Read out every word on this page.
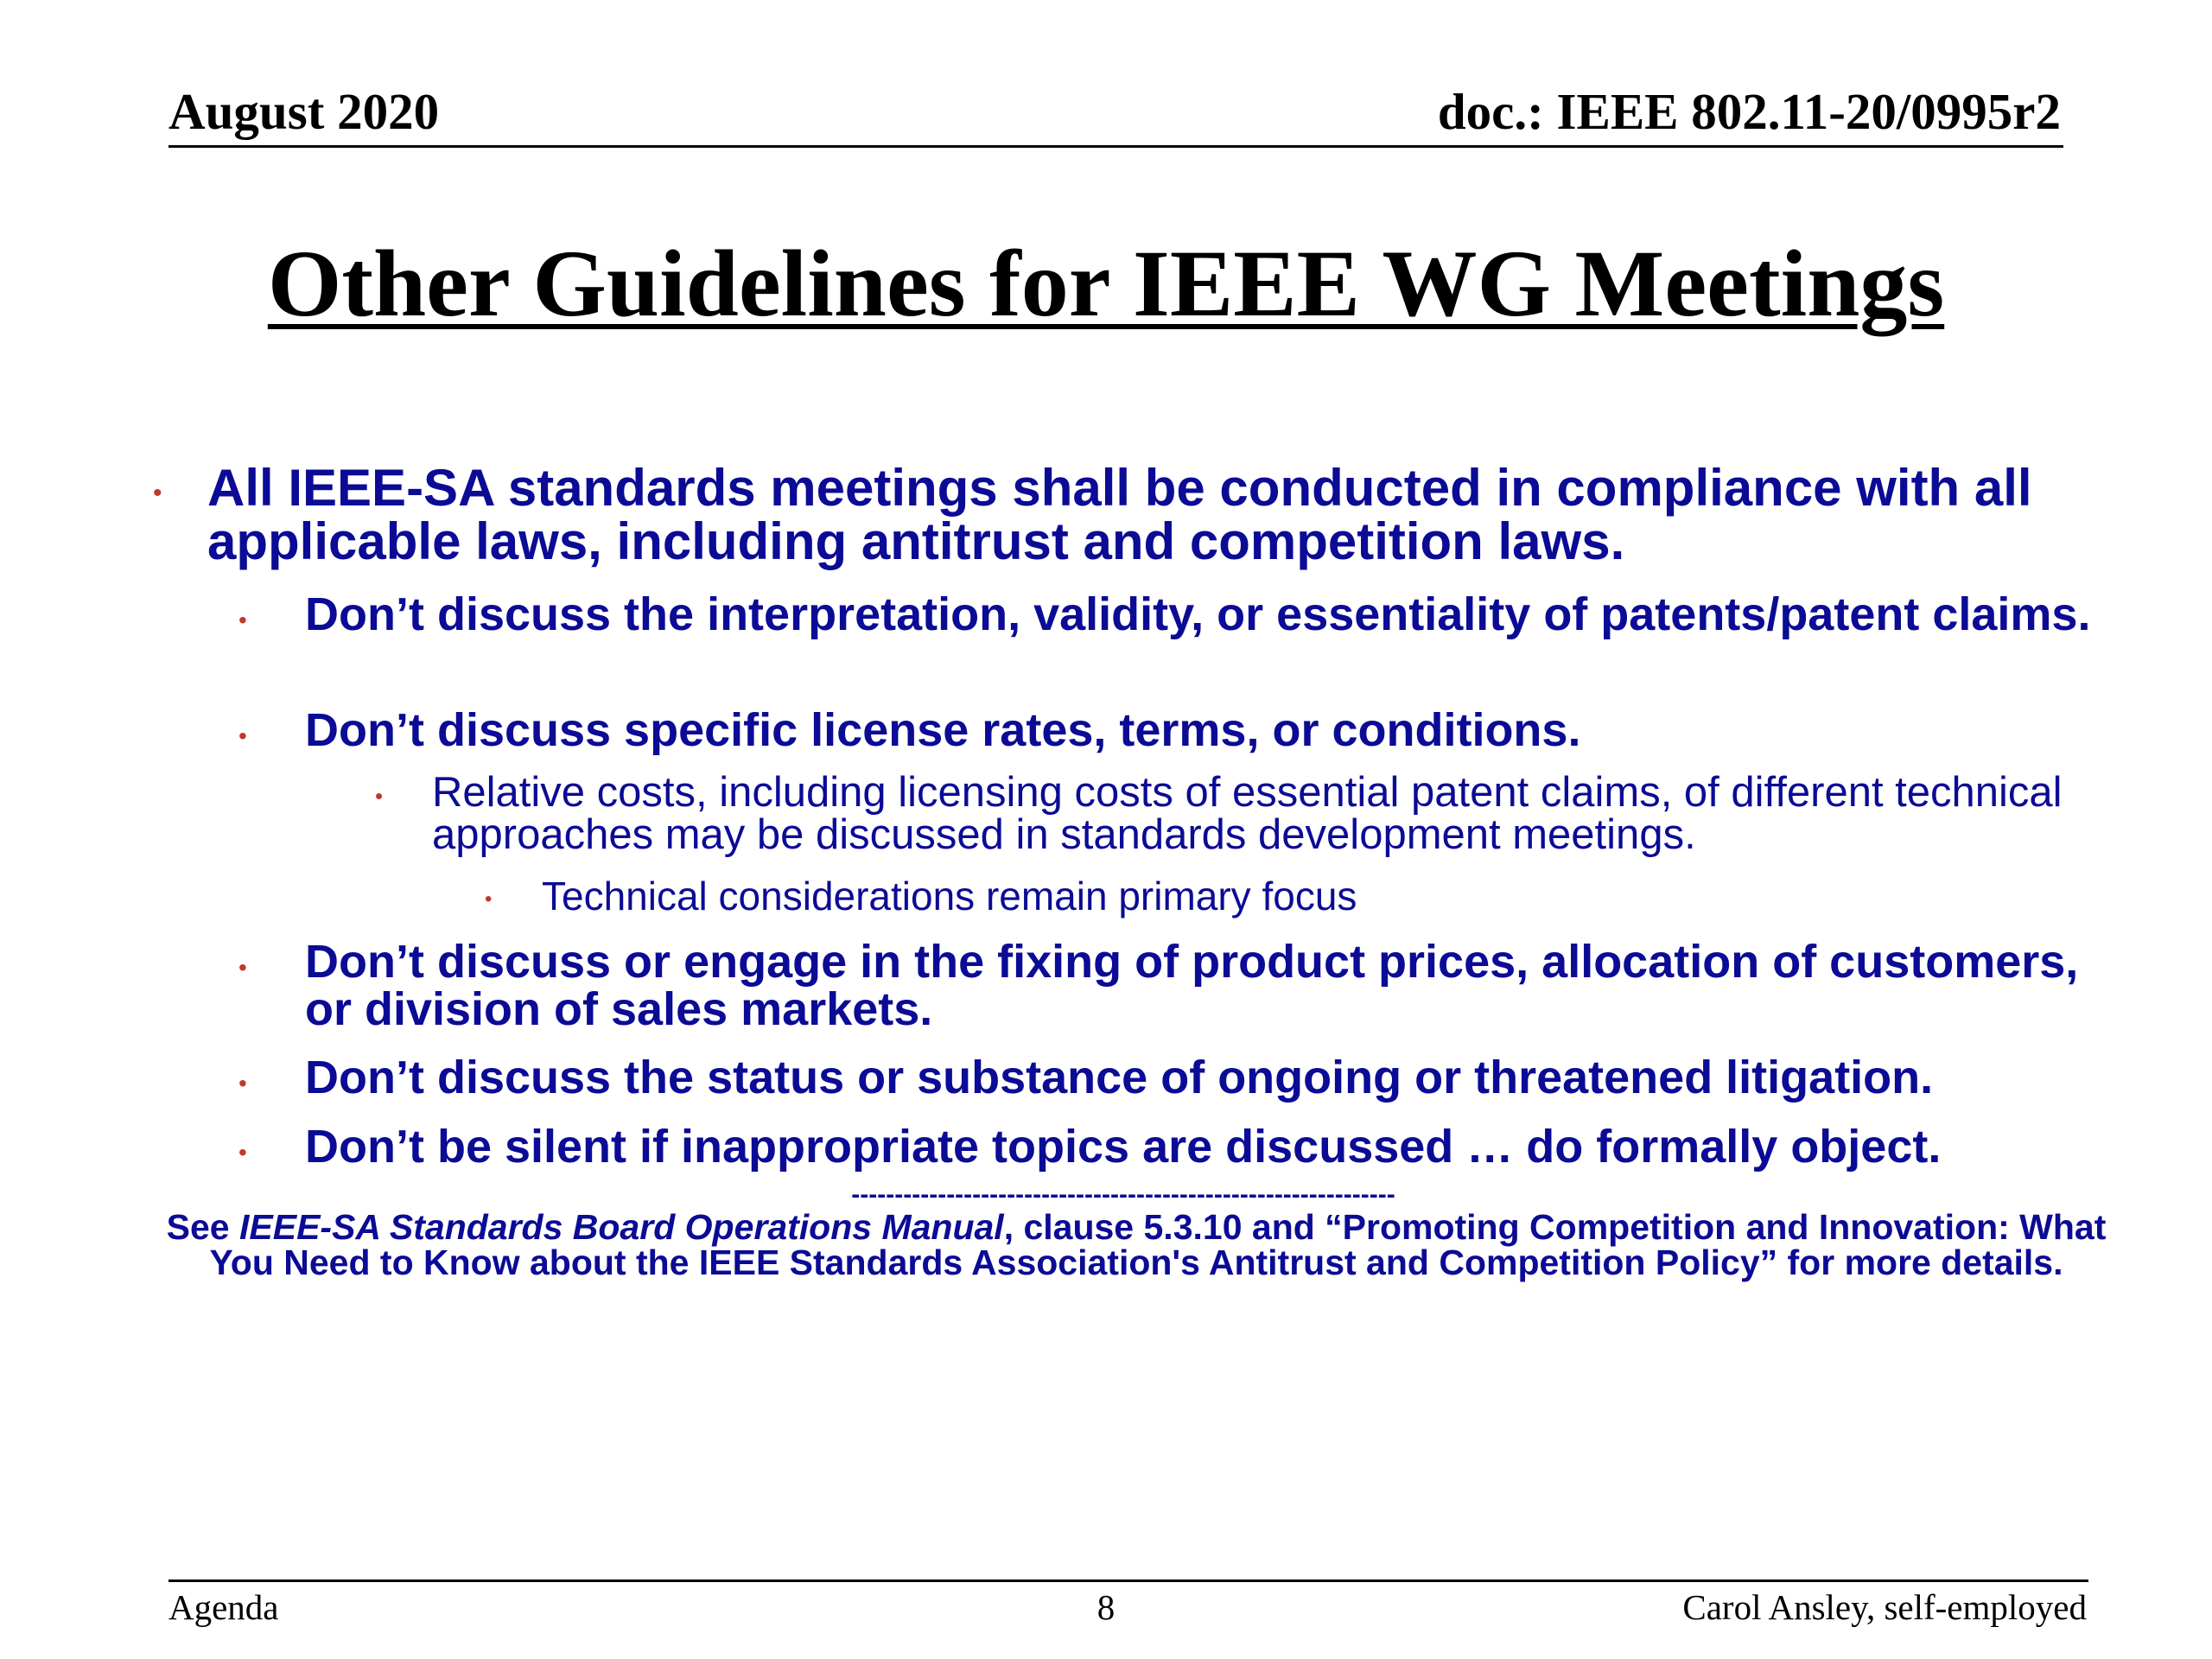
August 2020	doc.: IEEE 802.11-20/0995r2
Other Guidelines for IEEE WG Meetings
• All IEEE-SA standards meetings shall be conducted in compliance with all applicable laws, including antitrust and competition laws.
• Don’t discuss the interpretation, validity, or essentiality of patents/patent claims.
• Don’t discuss specific license rates, terms, or conditions.
• Relative costs, including licensing costs of essential patent claims, of different technical approaches may be discussed in standards development meetings.
• Technical considerations remain primary focus
• Don’t discuss or engage in the fixing of product prices, allocation of customers, or division of sales markets.
• Don’t discuss the status or substance of ongoing or threatened litigation.
• Don’t be silent if inappropriate topics are discussed … do formally object.
---------------------------------------------------------------
See IEEE-SA Standards Board Operations Manual, clause 5.3.10 and “Promoting Competition and Innovation: What You Need to Know about the IEEE Standards Association's Antitrust and Competition Policy” for more details.
Agenda	8	Carol Ansley, self-employed
